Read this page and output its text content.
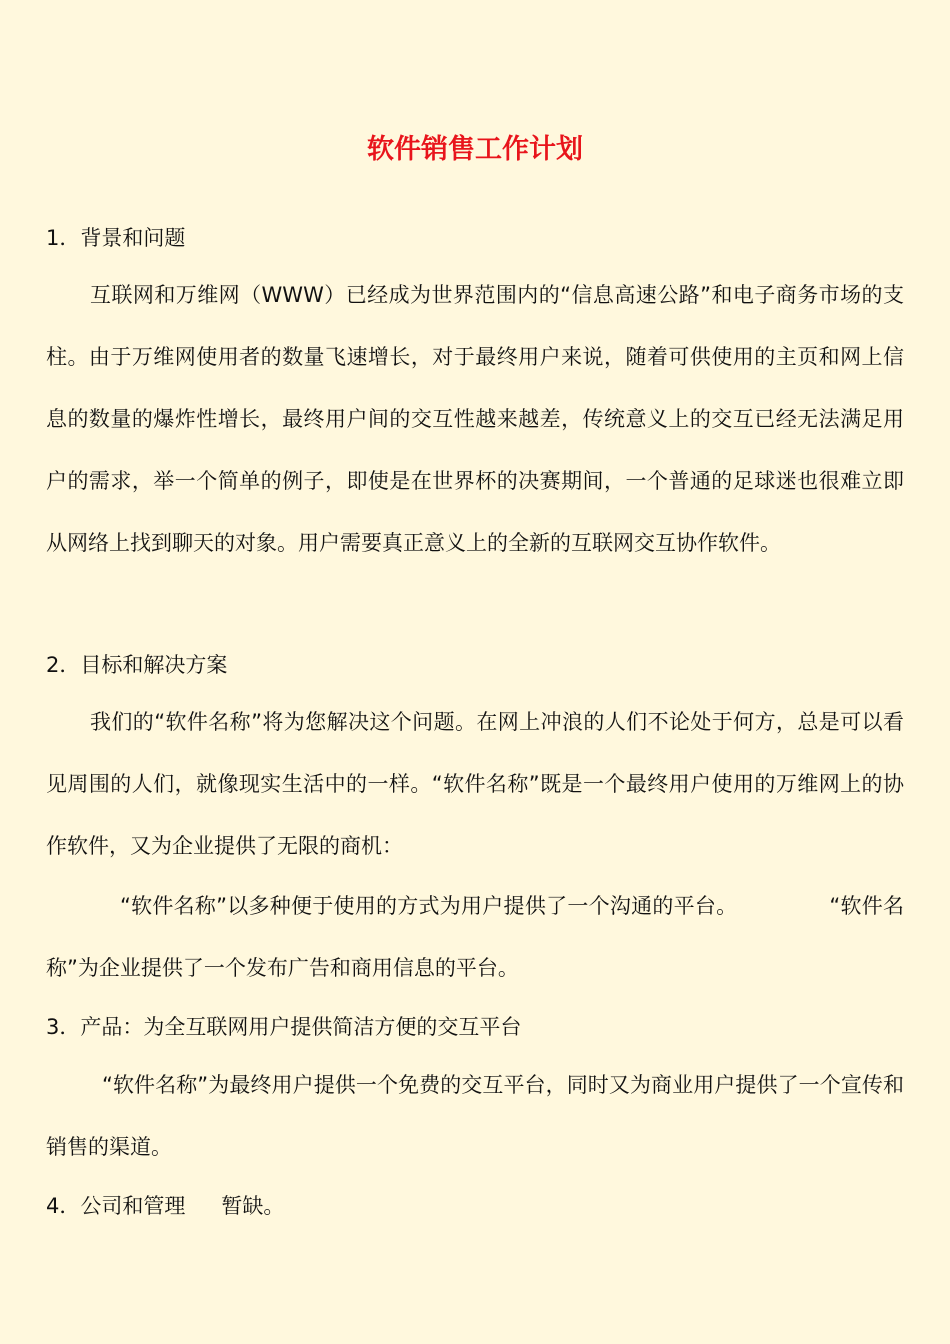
软件销售工作计划
1．背景和问题

互联网和万维网（WWW）已经成为世界范围内的“信息高速公路”和电子商务市场的支柱。由于万维网使用者的数量飞速增长，对于最终用户来说，随着可供使用的主页和网上信息的数量的爆炸性增长，最终用户间的交互性越来越差，传统意义上的交互已经无法满足用户的需求，举一个简单的例子，即使是在世界杯的决赛期间，一个普通的足球迷也很难立即从网络上找到聊天的对象。用户需要真正意义上的全新的互联网交互协作软件。

2．目标和解决方案

我们的“软件名称”将为您解决这个问题。在网上冲浪的人们不论处于何方，总是可以看见周围的人们，就像现实生活中的一样。“软件名称”既是一个最终用户使用的万维网上的协作软件，又为企业提供了无限的商机：

“软件名称”以多种便于使用的方式为用户提供了一个沟通的平台。	“软件名称”为企业提供了一个发布广告和商用信息的平台。

3．产品：为全互联网用户提供简洁方便的交互平台

“软件名称”为最终用户提供一个免费的交互平台，同时又为商业用户提供了一个宣传和销售的渠道。

4．公司和管理 暂缺。
